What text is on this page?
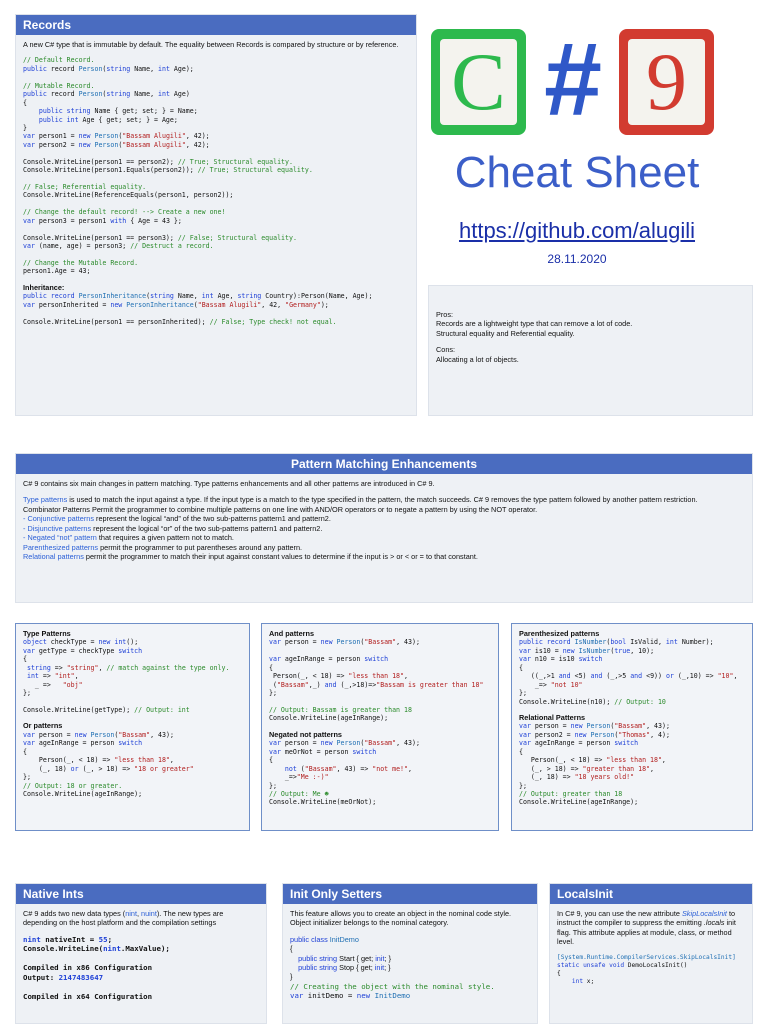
Records
A new C# type that is immutable by default. The equality between Records is compared by structure or by reference.
// Default Record.
public record Person(string Name, int Age);

// Mutable Record.
public record Person(string Name, int Age)
{
public string Name { get; set; } = Name;
public int Age { get; set; } = Age;
}
var person1 = new Person("Bassam Alugili", 42);
var person2 = new Person("Bassam Alugili", 42);

Console.WriteLine(person1 == person2); // True; Structural equality.
Console.WriteLine(person1.Equals(person2)); // True; Structural equality.

// False; Referential equality.
Console.WriteLine(ReferenceEquals(person1, person2));

// Change the default record! --> Create a new one!
var person3 = person1 with { Age = 43 };

Console.WriteLine(person1 == person3); // False; Structural equality.
var (name, age) = person3; // Destruct a record.

// Change the Mutable Record.
person1.Age = 43;
Inheritance:
public record PersonInheritance(string Name, int Age, string Country):Person(Name, Age);
var personInherited = new PersonInheritance("Bassam Alugili", 42, "Germany");

Console.WriteLine(person1 == personInherited); // False; Type check! not equal.
C # 9
Cheat Sheet
https://github.com/alugili
28.11.2020
Pros:
Records are a lightweight type that can remove a lot of code.
Structural equality and Referential equality.
Cons:
Allocating a lot of objects.
Pattern Matching Enhancements
C# 9 contains six main changes in pattern matching. Type patterns enhancements and all other patterns are introduced in C# 9.
Type patterns is used to match the input against a type. If the input type is a match to the type specified in the pattern, the match succeeds. C# 9 removes the type pattern followed by another pattern restriction.
Combinator Patterns Permit the programmer to combine multiple patterns on one line with AND/OR operators or to negate a pattern by using the NOT operator.
- Conjunctive patterns represent the logical “and” of the two sub-patterns pattern1 and pattern2.
- Disjunctive patterns represent the logical “or” of the two sub-patterns pattern1 and pattern2.
- Negated “not” pattern that requires a given pattern not to match.
Parenthesized patterns permit the programmer to put parentheses around any pattern.
Relational patterns permit the programmer to match their input against constant values to determine if the input is > or < or = to that constant.
Type Patterns
object checkType = new int();
var getType = checkType switch
{
string => "string", // match against the type only.
int => "int",
_ =>   "obj"
};

Console.WriteLine(getType); // Output: int
Or patterns
var person = new Person("Bassam", 43);
var ageInRange = person switch
{
Person(_, < 18) => "less than 18",
(_, 18) or (_, > 18) => "18 or greater"
};
// Output: 18 or greater.
Console.WriteLine(ageInRange);
And patterns
var person = new Person("Bassam", 43);

var ageInRange = person switch
{
Person(_, < 18) => "less than 18",
("Bassam",_) and (_,>18)=>"Bassam is greater than 18"
};

// Output: Bassam is greater than 18
Console.WriteLine(ageInRange);
Negated not patterns
var person = new Person("Bassam", 43);
var meOrNot = person switch
{
not ("Bassam", 43) => "not me!",
_=>"Me :-)"
};
// Output: Me ☻
Console.WriteLine(meOrNot);
Parenthesized patterns
public record IsNumber(bool IsValid, int Number);
var is10 = new IsNumber(true, 10);
var n10 = is10 switch
{
((_,>1 and <5) and (_,>5 and <9)) or (_,10) => "10",
_=> "not 10"
};
Console.WriteLine(n10); // Output: 10
Relational Patterns
var person = new Person("Bassam", 43);
var person2 = new Person("Thomas", 4);
var ageInRange = person switch
{
Person(_, < 18) => "less than 18",
(_, > 18) => "greater than 18",
(_, 18) => "18 years old!"
};
// Output: greater than 18
Console.WriteLine(ageInRange);
Native Ints
C# 9 adds two new data types (nint, nuint). The new types are depending on the host platform and the compilation settings
nint nativeInt = 55;
Console.WriteLine(nint.MaxValue);

Compiled in x86 Configuration
Output: 2147483647

Compiled in x64 Configuration
Init Only Setters
This feature allows you to create an object in the nominal code style. Object initializer belongs to the nominal category.
public class InitDemo
{
public string Start { get; init; }
public string Stop { get; init; }
}
// Creating the object with the nominal style.
var initDemo = new InitDemo
LocalsInit
In C# 9, you can use the new attribute SkipLocalsInit to instruct the compiler to suppress the emitting .locals init flag. This attribute applies at module, class, or method level.
[System.Runtime.CompilerServices.SkipLocalsInit]
static unsafe void DemoLocalsInit()
{
int x;
